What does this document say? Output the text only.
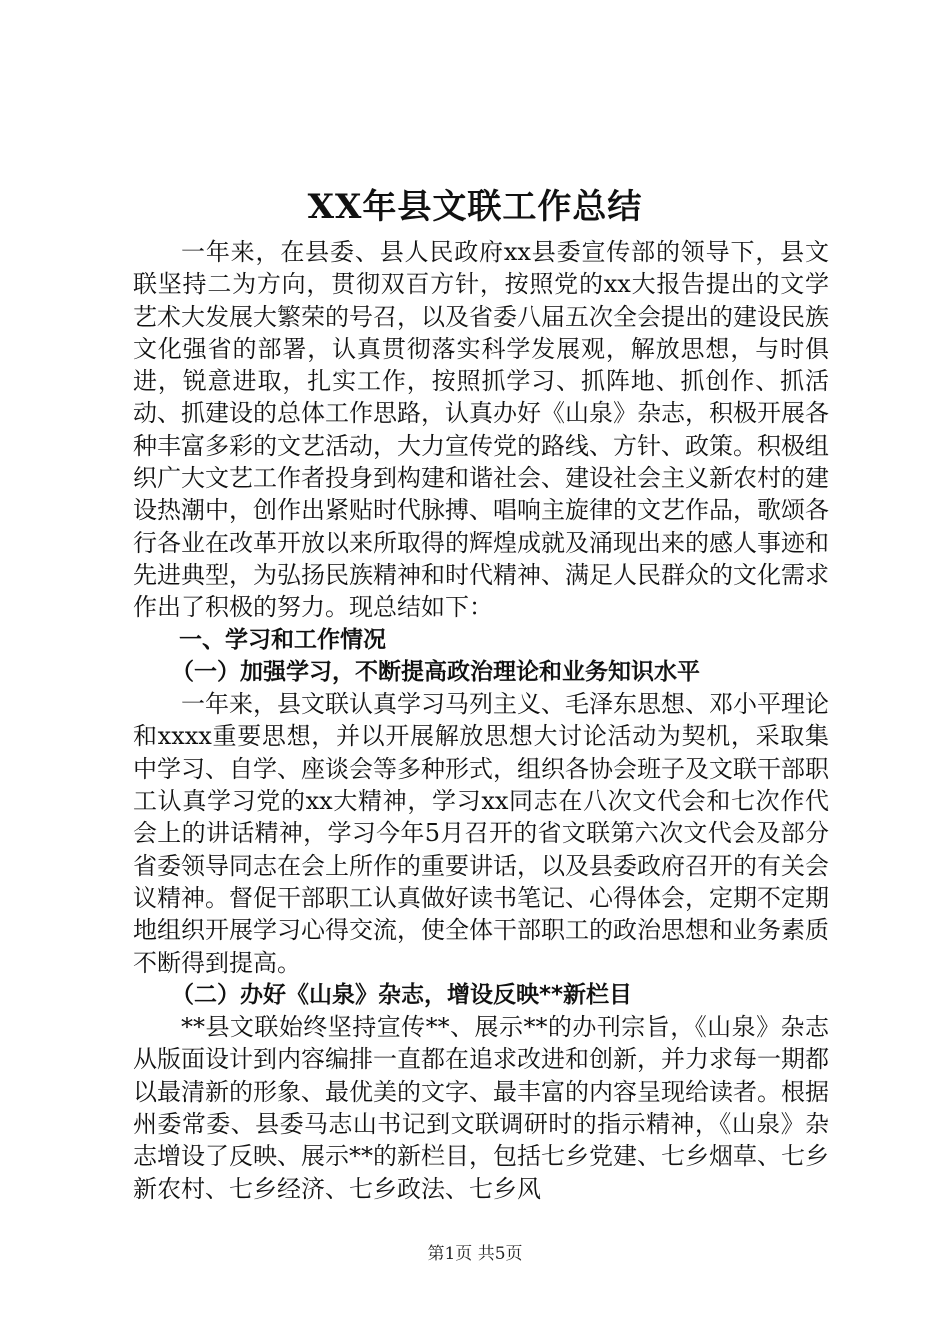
XX年县文联工作总结

一年来，在县委、县人民政府xx县委宣传部的领导下，县文联坚持二为方向，贯彻双百方针，按照党的xx大报告提出的文学艺术大发展大繁荣的号召，以及省委八届五次全会提出的建设民族文化强省的部署，认真贯彻落实科学发展观，解放思想，与时俱进，锐意进取，扎实工作，按照抓学习、抓阵地、抓创作、抓活动、抓建设的总体工作思路，认真办好《山泉》杂志，积极开展各种丰富多彩的文艺活动，大力宣传党的路线、方针、政策。积极组织广大文艺工作者投身到构建和谐社会、建设社会主义新农村的建设热潮中，创作出紧贴时代脉搏、唱响主旋律的文艺作品，歌颂各行各业在改革开放以来所取得的辉煌成就及涌现出来的感人事迹和先进典型，为弘扬民族精神和时代精神、满足人民群众的文化需求作出了积极的努力。现总结如下：

一、学习和工作情况
（一）加强学习，不断提高政治理论和业务知识水平

一年来，县文联认真学习马列主义、毛泽东思想、邓小平理论和xxxx重要思想，并以开展解放思想大讨论活动为契机，采取集中学习、自学、座谈会等多种形式，组织各协会班子及文联干部职工认真学习党的xx大精神，学习xx同志在八次文代会和七次作代会上的讲话精神，学习今年5月召开的省文联第六次文代会及部分省委领导同志在会上所作的重要讲话，以及县委政府召开的有关会议精神。督促干部职工认真做好读书笔记、心得体会，定期不定期地组织开展学习心得交流，使全体干部职工的政治思想和业务素质不断得到提高。

（二）办好《山泉》杂志，增设反映**新栏目

**县文联始终坚持宣传**、展示**的办刊宗旨，《山泉》杂志从版面设计到内容编排一直都在追求改进和创新，并力求每一期都以最清新的形象、最优美的文字、最丰富的内容呈现给读者。根据州委常委、县委马志山书记到文联调研时的指示精神，《山泉》杂志增设了反映、展示**的新栏目，包括七乡党建、七乡烟草、七乡新农村、七乡经济、七乡政法、七乡风

第1页 共5页
